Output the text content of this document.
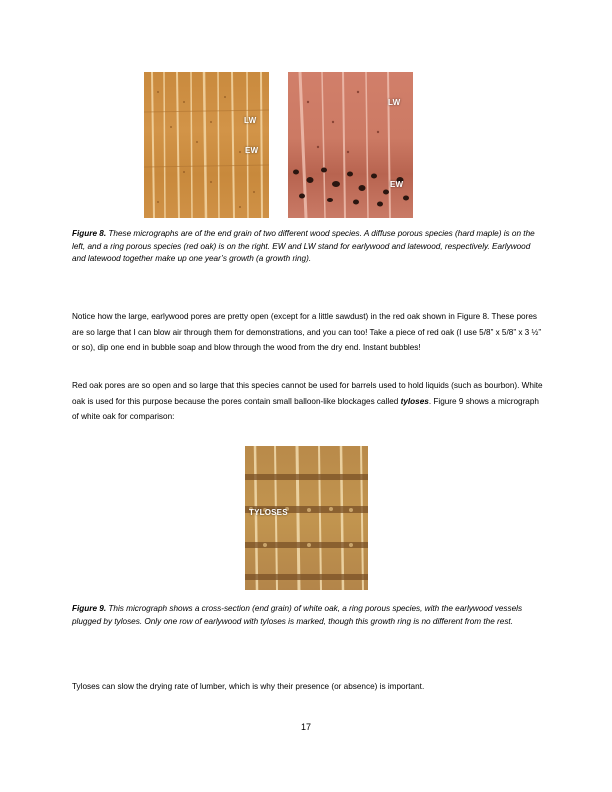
LW
EW
LW
EW

Figure 8. These micrographs are of the end grain of two different wood species. A diffuse porous species (hard maple) is on the left, and a ring porous species (red oak) is on the right. EW and LW stand for earlywood and latewood, respectively. Earlywood and latewood together make up one year’s growth (a growth ring).

Notice how the large, earlywood pores are pretty open (except for a little sawdust) in the red oak shown in Figure 8. These pores are so large that I can blow air through them for demonstrations, and you can too! Take a piece of red oak (I use 5/8” x 5/8” x 3 ½” or so), dip one end in bubble soap and blow through the wood from the dry end. Instant bubbles!

Red oak pores are so open and so large that this species cannot be used for barrels used to hold liquids (such as bourbon). White oak is used for this purpose because the pores contain small balloon-like blockages called tyloses. Figure 9 shows a micrograph of white oak for comparison:

TYLOSES

Figure 9. This micrograph shows a cross-section (end grain) of white oak, a ring porous species, with the earlywood vessels plugged by tyloses. Only one row of earlywood with tyloses is marked, though this growth ring is no different from the rest.

Tyloses can slow the drying rate of lumber, which is why their presence (or absence) is important.

17
